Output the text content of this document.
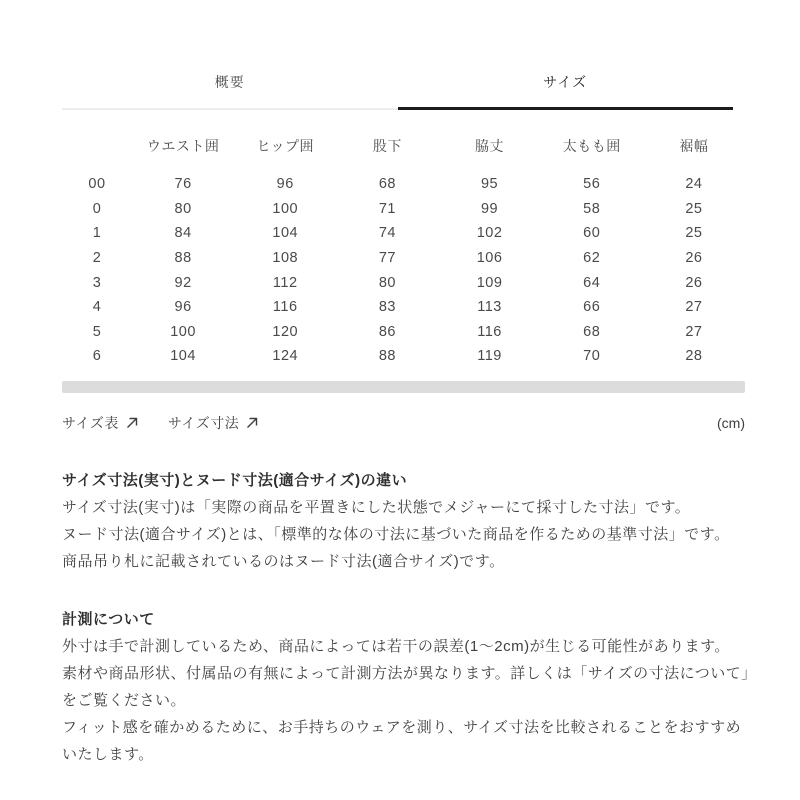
概要	サイズ
	ウエスト囲	ヒップ囲	股下	脇丈	太もも囲	裾幅
00	76	96	68	95	56	24
0	80	100	71	99	58	25
1	84	104	74	102	60	25
2	88	108	77	106	62	26
3	92	112	80	109	64	26
4	96	116	83	113	66	27
5	100	120	86	116	68	27
6	104	124	88	119	70	28
サイズ表	サイズ寸法	(cm)
サイズ寸法(実寸)とヌード寸法(適合サイズ)の違い

サイズ寸法(実寸)は「実際の商品を平置きにした状態でメジャーにて採寸した寸法」です。

ヌード寸法(適合サイズ)とは、「標準的な体の寸法に基づいた商品を作るための基準寸法」です。

商品吊り札に記載されているのはヌード寸法(適合サイズ)です。

計測について

外寸は手で計測しているため、商品によっては若干の誤差(1〜2cm)が生じる可能性があります。

素材や商品形状、付属品の有無によって計測方法が異なります。詳しくは「サイズの寸法について」をご覧ください。

フィット感を確かめるために、お手持ちのウェアを測り、サイズ寸法を比較されることをおすすめいたします。
